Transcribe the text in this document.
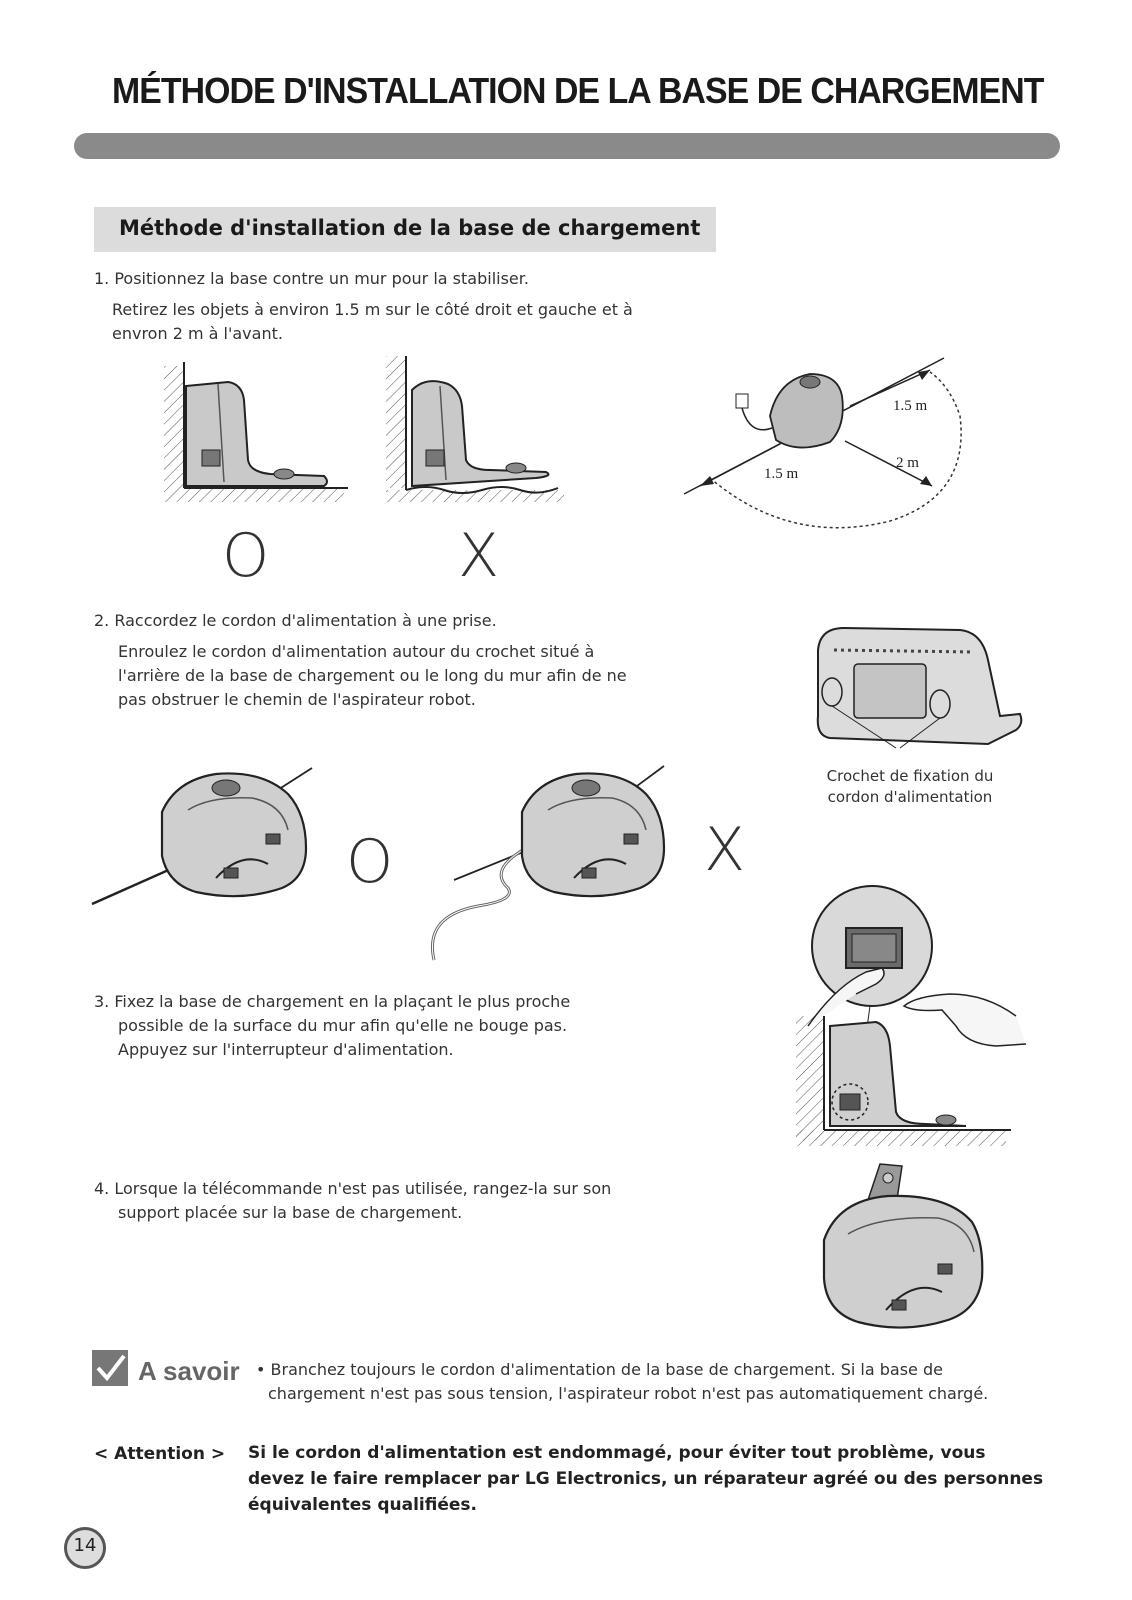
MÉTHODE D'INSTALLATION DE LA BASE DE CHARGEMENT
Méthode d'installation de la base de chargement
1. Positionnez la base contre un mur pour la stabiliser.
Retirez les objets à environ 1.5 m sur le côté droit et gauche et à
envron 2 m à l'avant.
O	X
1.5 m
2 m
1.5 m
2. Raccordez le cordon d'alimentation à une prise.
Enroulez le cordon d'alimentation autour du crochet situé à
l'arrière de la base de chargement ou le long du mur afin de ne
pas obstruer le chemin de l'aspirateur robot.
Crochet de fixation du
cordon d'alimentation
O	X
3. Fixez la base de chargement en la plaçant le plus proche
possible de la surface du mur afin qu'elle ne bouge pas.
Appuyez sur l'interrupteur d'alimentation.
4. Lorsque la télécommande n'est pas utilisée, rangez-la sur son
support placée sur la base de chargement.
A savoir • Branchez toujours le cordon d'alimentation de la base de chargement. Si la base de
chargement n'est pas sous tension, l'aspirateur robot n'est pas automatiquement chargé.
< Attention > Si le cordon d'alimentation est endommagé, pour éviter tout problème, vous
devez le faire remplacer par LG Electronics, un réparateur agréé ou des personnes
équivalentes qualifiées.
14
